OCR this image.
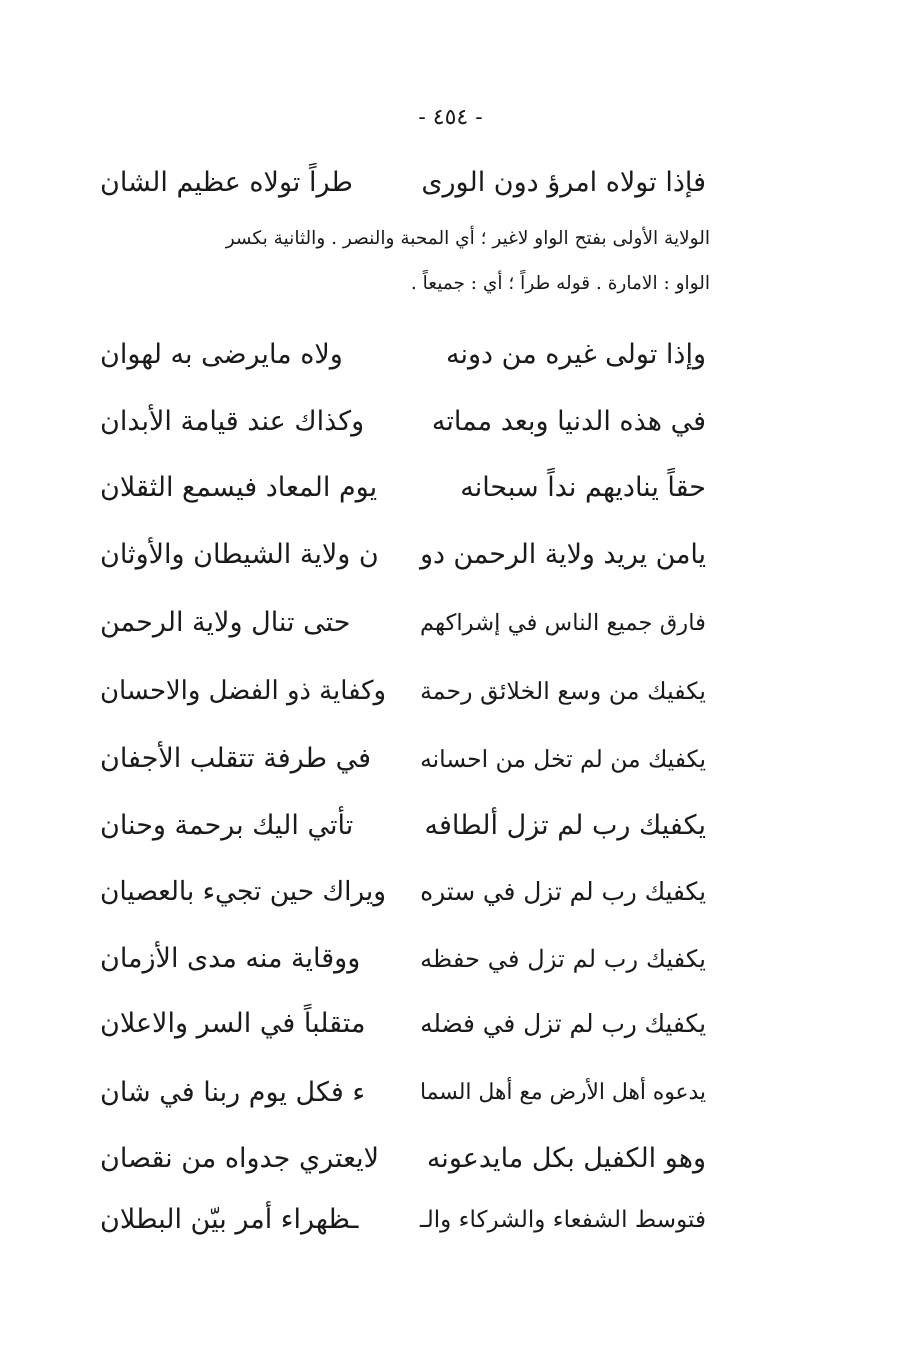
- ٤٥٤ -
فإذا تولاه امرؤ دون الورى
طراً تولاه عظيم الشان
الولاية الأولى بفتح الواو لاغير ؛ أي المحبة والنصر . والثانية بكسر
الواو : الامارة . قوله طراً ؛ أي : جميعاً .
وإذا تولى غيره من دونه
ولاه مايرضى به لهوان
في هذه الدنيا وبعد مماته
وكذاك عند قيامة الأبدان
حقاً يناديهم نداً سبحانه
يوم المعاد فيسمع الثقلان
يامن يريد ولاية الرحمن دو
ن ولاية الشيطان والأوثان
فارق جميع الناس في إشراكهم
حتى تنال ولاية الرحمن
يكفيك من وسع الخلائق رحمة
وكفاية ذو الفضل والاحسان
يكفيك من لم تخل من احسانه
في طرفة تتقلب الأجفان
يكفيك رب لم تزل ألطافه
تأتي اليك برحمة وحنان
يكفيك رب لم تزل في ستره
ويراك حين تجيء بالعصيان
يكفيك رب لم تزل في حفظه
ووقاية منه مدى الأزمان
يكفيك رب لم تزل في فضله
متقلباً في السر والاعلان
يدعوه أهل الأرض مع أهل السما
ء فكل يوم ربنا في شان
وهو الكفيل بكل مايدعونه
لايعتري جدواه من نقصان
فتوسط الشفعاء والشركاء والـ
ـظهراء أمر بيّن البطلان
